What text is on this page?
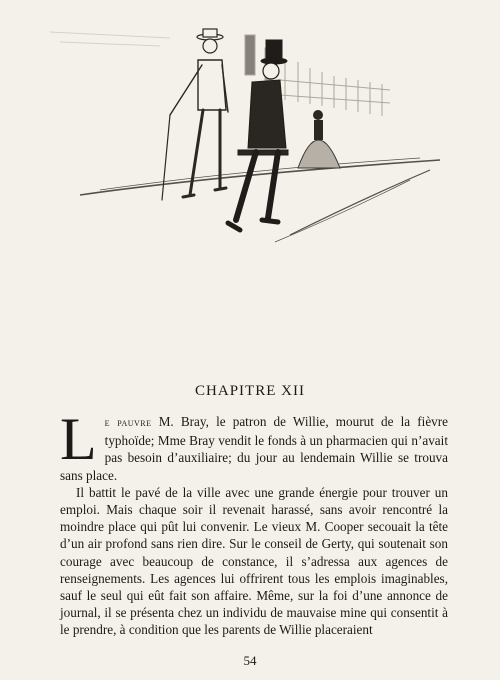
CHAPITRE XII

Le pauvre M. Bray, le patron de Willie, mourut de la fièvre typhoïde; Mme Bray vendit le fonds à un pharmacien qui n’avait pas besoin d’auxiliaire; du jour au lendemain Willie se trouva sans place.

Il battit le pavé de la ville avec une grande énergie pour trouver un emploi. Mais chaque soir il revenait harassé, sans avoir rencontré la moindre place qui pût lui convenir. Le vieux M. Cooper secouait la tête d’un air profond sans rien dire. Sur le conseil de Gerty, qui soutenait son courage avec beaucoup de constance, il s’adressa aux agences de renseignements. Les agences lui offrirent tous les emplois imaginables, sauf le seul qui eût fait son affaire. Même, sur la foi d’une annonce de journal, il se présenta chez un individu de mauvaise mine qui consentit à le prendre, à condition que les parents de Willie placeraient

54
